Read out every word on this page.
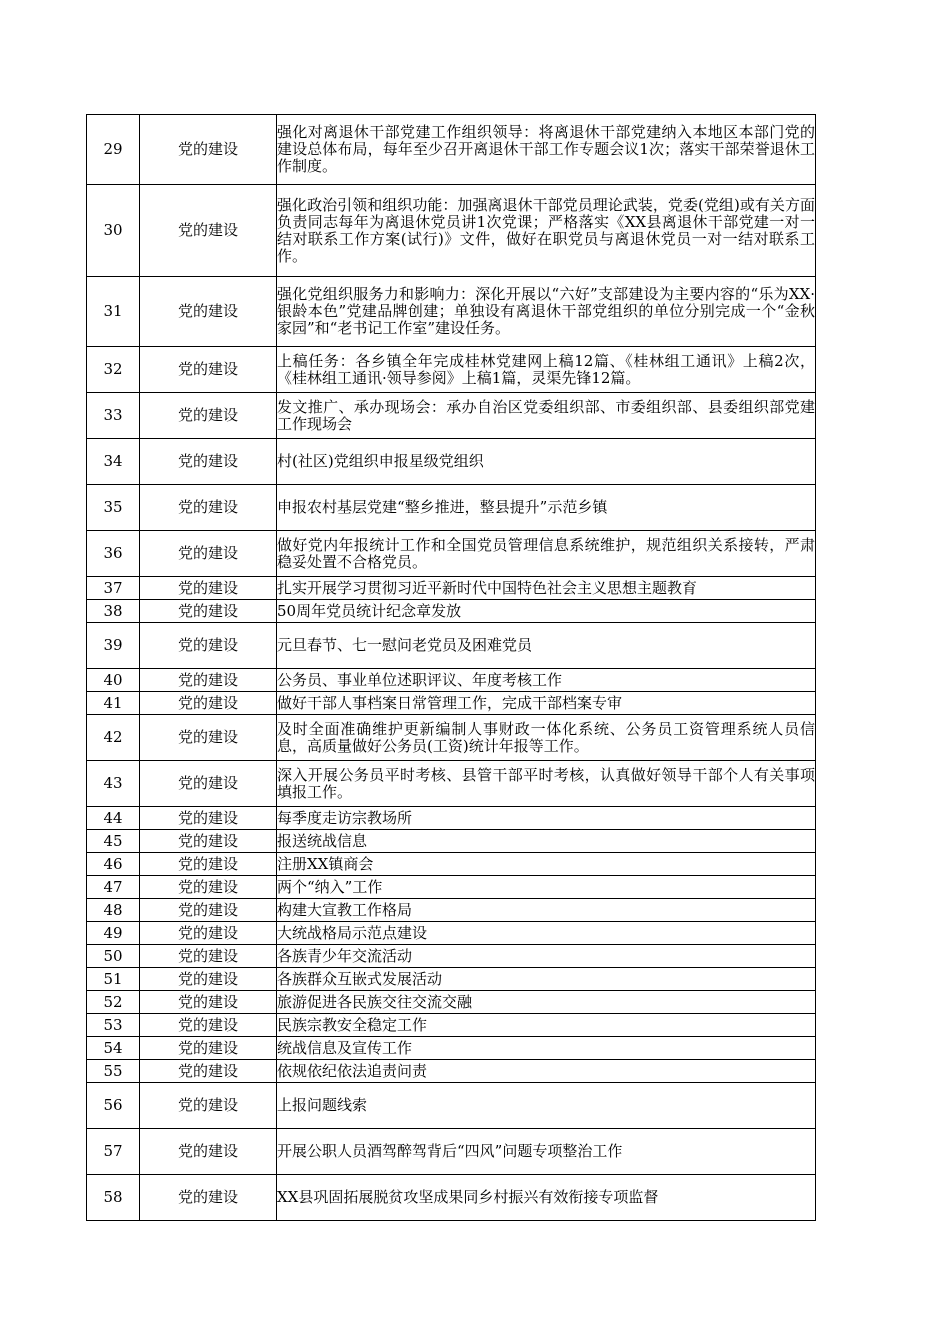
29	党的建设	强化对离退休干部党建工作组织领导：将离退休干部党建纳入本地区本部门党的建设总体布局，每年至少召开离退休干部工作专题会议1次；落实干部荣誉退休工作制度。
30	党的建设	强化政治引领和组织功能：加强离退休干部党员理论武装，党委(党组)或有关方面负责同志每年为离退休党员讲1次党课；严格落实《XX县离退休干部党建一对一结对联系工作方案(试行)》文件，做好在职党员与离退休党员一对一结对联系工作。
31	党的建设	强化党组织服务力和影响力：深化开展以“六好”支部建设为主要内容的“乐为XX·银龄本色”党建品牌创建；单独设有离退休干部党组织的单位分别完成一个“金秋家园”和“老书记工作室”建设任务。
32	党的建设	上稿任务：各乡镇全年完成桂林党建网上稿12篇、《桂林组工通讯》上稿2次，《桂林组工通讯·领导参阅》上稿1篇，灵渠先锋12篇。
33	党的建设	发文推广、承办现场会：承办自治区党委组织部、市委组织部、县委组织部党建工作现场会
34	党的建设	村(社区)党组织申报星级党组织
35	党的建设	申报农村基层党建“整乡推进，整县提升”示范乡镇
36	党的建设	做好党内年报统计工作和全国党员管理信息系统维护，规范组织关系接转，严肃稳妥处置不合格党员。
37	党的建设	扎实开展学习贯彻习近平新时代中国特色社会主义思想主题教育
38	党的建设	50周年党员统计纪念章发放
39	党的建设	元旦春节、七一慰问老党员及困难党员
40	党的建设	公务员、事业单位述职评议、年度考核工作
41	党的建设	做好干部人事档案日常管理工作，完成干部档案专审
42	党的建设	及时全面准确维护更新编制人事财政一体化系统、公务员工资管理系统人员信息，高质量做好公务员(工资)统计年报等工作。
43	党的建设	深入开展公务员平时考核、县管干部平时考核，认真做好领导干部个人有关事项填报工作。
44	党的建设	每季度走访宗教场所
45	党的建设	报送统战信息
46	党的建设	注册XX镇商会
47	党的建设	两个“纳入”工作
48	党的建设	构建大宣教工作格局
49	党的建设	大统战格局示范点建设
50	党的建设	各族青少年交流活动
51	党的建设	各族群众互嵌式发展活动
52	党的建设	旅游促进各民族交往交流交融
53	党的建设	民族宗教安全稳定工作
54	党的建设	统战信息及宣传工作
55	党的建设	依规依纪依法追责问责
56	党的建设	上报问题线索
57	党的建设	开展公职人员酒驾醉驾背后“四风”问题专项整治工作
58	党的建设	XX县巩固拓展脱贫攻坚成果同乡村振兴有效衔接专项监督
